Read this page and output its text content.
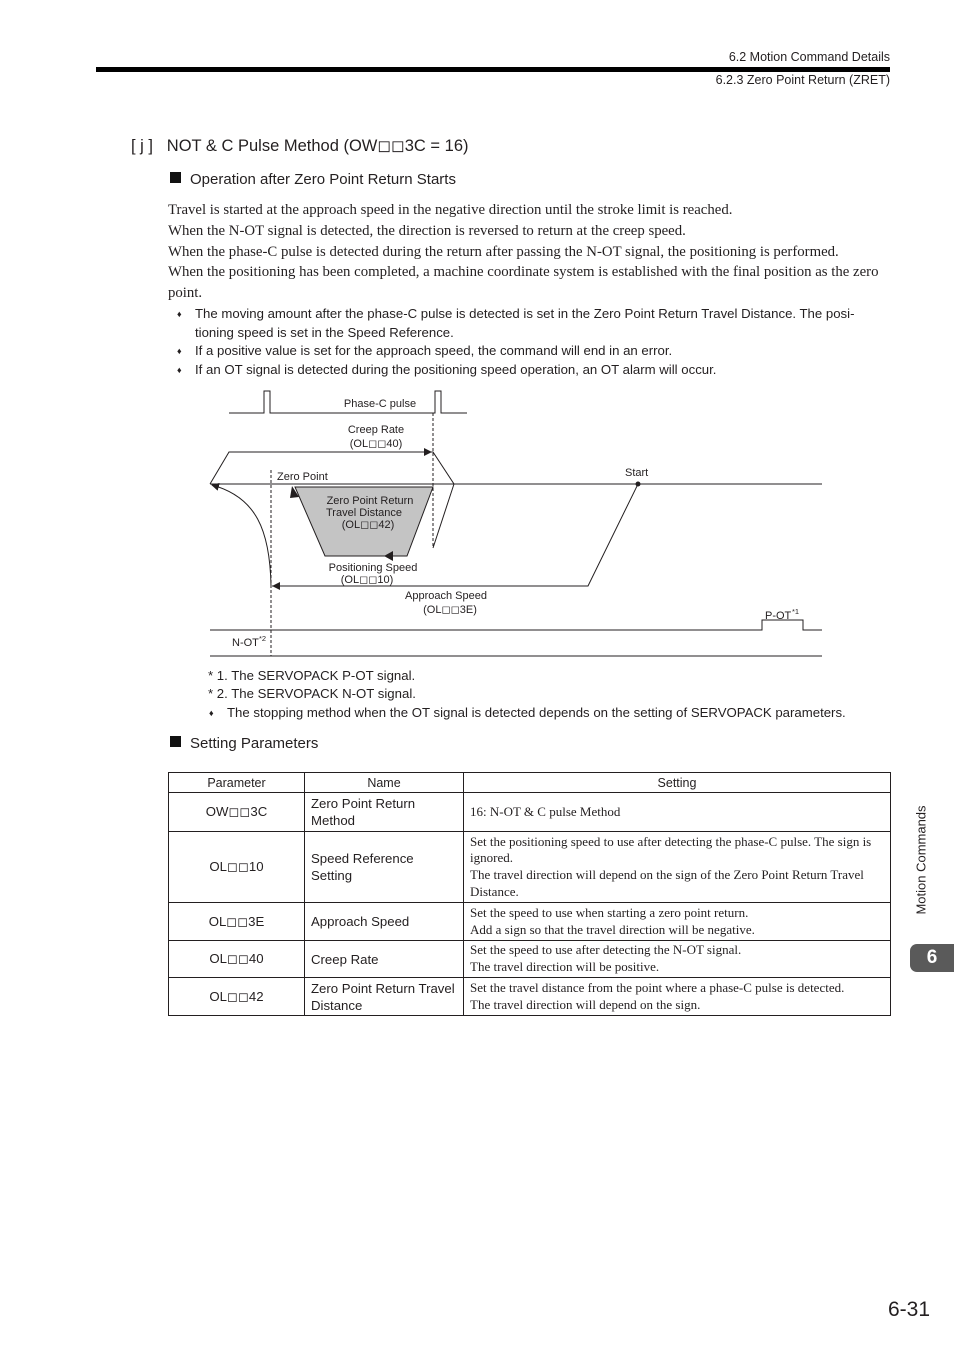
6.2 Motion Command Details
6.2.3 Zero Point Return (ZRET)
[ j ] NOT & C Pulse Method (OW◻◻3C = 16)
Operation after Zero Point Return Starts

Travel is started at the approach speed in the negative direction until the stroke limit is reached.

When the N-OT signal is detected, the direction is reversed to return at the creep speed.

When the phase-C pulse is detected during the return after passing the N-OT signal, the positioning is performed.

When the positioning has been completed, a machine coordinate system is established with the final position as the zero point.

♦ The moving amount after the phase-C pulse is detected is set in the Zero Point Return Travel Distance. The posi- tioning speed is set in the Speed Reference.
♦ If a positive value is set for the approach speed, the command will end in an error.
♦ If an OT signal is detected during the positioning speed operation, an OT alarm will occur.
Phase-C pulse
Creep Rate
(OL◻◻40)
Zero Point	Start
Zero Point Return
Travel Distance
(OL◻◻42)
Positioning Speed
(OL◻◻10)
Approach Speed
(OL◻◻3E)	P-OT *1
N-OT *2
* 1. The SERVOPACK P-OT signal.
* 2. The SERVOPACK N-OT signal.
♦ The stopping method when the OT signal is detected depends on the setting of SERVOPACK parameters.
Setting Parameters
Parameter	Name	Setting
OW◻◻3C	Zero Point Return Method	16: N-OT & C pulse Method

OL◻◻10	Speed Reference Setting	Set the positioning speed to use after detecting the phase-C pulse. The sign is ignored.
The travel direction will depend on the sign of the Zero Point Return Travel Distance.

OL◻◻3E	Approach Speed	Set the speed to use when starting a zero point return.
Add a sign so that the travel direction will be negative.

OL◻◻40	Creep Rate	Set the speed to use after detecting the N-OT signal.
The travel direction will be positive.

OL◻◻42	Zero Point Return Travel Distance	Set the travel distance from the point where a phase-C pulse is detected.
The travel direction will depend on the sign.
Motion Commands
6
6-31
